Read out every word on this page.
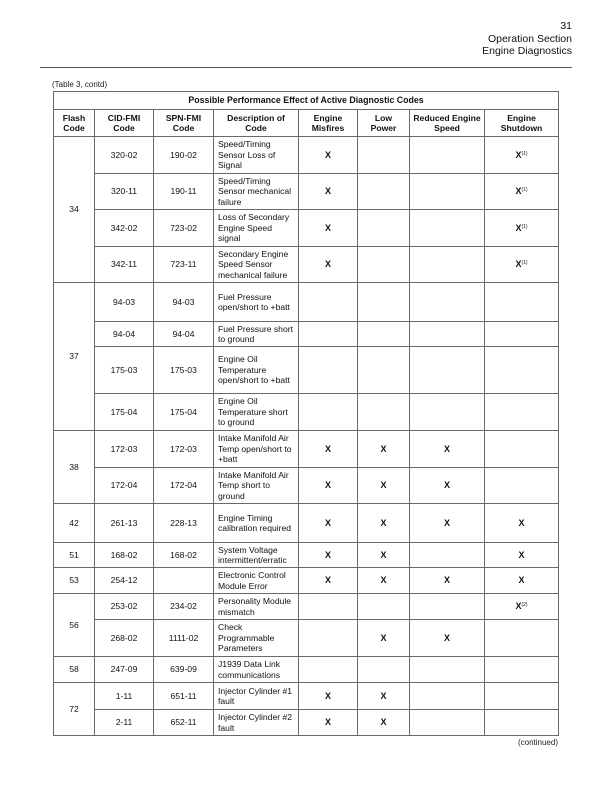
31
Operation Section
Engine Diagnostics
(Table 3, contd)
Possible Performance Effect of Active Diagnostic Codes							
Flash Code	CID-FMI Code	SPN-FMI Code	Description of Code	Engine Misfires	Low Power	Reduced Engine Speed	Engine Shutdown
34	320-02	190-02	Speed/Timing Sensor Loss of Signal	X			$X^{(1)}$
	320-11	190-11	Speed/Timing Sensor mechanical failure	X			$X^{(1)}$
	342-02	723-02	Loss of Secondary Engine Speed signal	X			$X^{(1)}$
	342-11	723-11	Secondary Engine Speed Sensor mechanical failure	X			$X^{(1)}$
37	94-03	94-03	Fuel Pressure open/short to +batt				
	94-04	94-04	Fuel Pressure short to ground				
	175-03	175-03	Engine Oil Temperature open/short to +batt				
	175-04	175-04	Engine Oil Temperature short to ground				
38	172-03	172-03	Intake Manifold Air Temp open/short to +batt	X	X	X	
	172-04	172-04	Intake Manifold Air Temp short to ground	X	X	X	
42	261-13	228-13	Engine Timing calibration required	X	X	X	X
51	168-02	168-02	System Voltage intermittent/erratic	X	X		X
53	254-12		Electronic Control Module Error	X	X	X	X
56	253-02	234-02	Personality Module mismatch				$X^{(2)}$
	268-02	1111-02	Check Programmable Parameters		X	X	
58	247-09	639-09	J1939 Data Link communications				
72	1-11	651-11	Injector Cylinder #1 fault	X	X		
	2-11	652-11	Injector Cylinder #2 fault	X	X		
(continued)
